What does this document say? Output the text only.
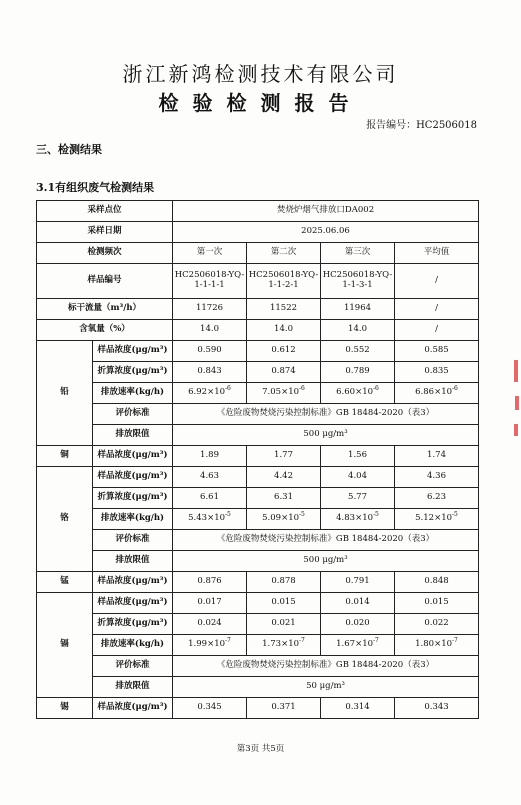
浙江新鸿检测技术有限公司
检验检测报告
报告编号：HC2506018
三、检测结果
3.1有组织废气检测结果
采样点位		焚烧炉烟气排放口DA002			
采样日期		2025.06.06			
检测频次		第一次	第二次	第三次	平均值
样品编号		HC2506018-YQ-1-1-1-1	HC2506018-YQ-1-1-2-1	HC2506018-YQ-1-1-3-1	/
标干流量（m³/h）		11726	11522	11964	/
含氧量（%）		14.0	14.0	14.0	/
铅	样品浓度(μg/m³)	0.590	0.612	0.552	0.585
	折算浓度(μg/m³)	0.843	0.874	0.789	0.835
	排放速率(kg/h)	$6.92\times 10^{-6}$	$7.05\times 10^{-6}$	$6.60\times 10^{-6}$	$6.86\times 10^{-6}$
	评价标准	《危险废物焚烧污染控制标准》GB 18484-2020（表3）			
	排放限值	500 μg/m³			
铜	样品浓度(μg/m³)	1.89	1.77	1.56	1.74
铬	样品浓度(μg/m³)	4.63	4.42	4.04	4.36
	折算浓度(μg/m³)	6.61	6.31	5.77	6.23
	排放速率(kg/h)	$5.43\times 10^{-5}$	$5.09\times 10^{-5}$	$4.83\times 10^{-5}$	$5.12\times 10^{-5}$
	评价标准	《危险废物焚烧污染控制标准》GB 18484-2020（表3）			
	排放限值	500 μg/m³			
锰	样品浓度(μg/m³)	0.876	0.878	0.791	0.848
镉	样品浓度(μg/m³)	0.017	0.015	0.014	0.015
	折算浓度(μg/m³)	0.024	0.021	0.020	0.022
	排放速率(kg/h)	$1.99\times 10^{-7}$	$1.73\times 10^{-7}$	$1.67\times 10^{-7}$	$1.80\times 10^{-7}$
	评价标准	《危险废物焚烧污染控制标准》GB 18484-2020（表3）			
	排放限值	50 μg/m³			
锡	样品浓度(μg/m³)	0.345	0.371	0.314	0.343
第3页 共5页
